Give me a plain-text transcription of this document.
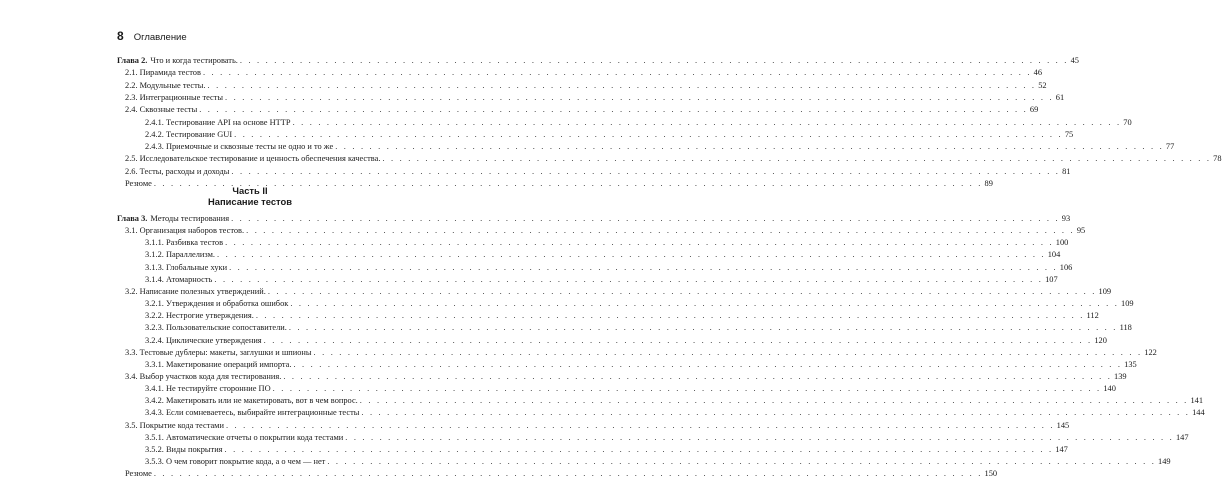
8 Оглавление
Глава 2. Что и когда тестировать. . . .	45
2.1. Пирамида тестов . . .	46
2.2. Модульные тесты. . . .	52
2.3. Интеграционные тесты . . .	61
2.4. Сквозные тесты . . .	69
2.4.1. Тестирование API на основе HTTP . . .	70
2.4.2. Тестирование GUI . . .	75
2.4.3. Приемочные и сквозные тесты не одно и то же . . .	77
2.5. Исследовательское тестирование и ценность обеспечения качества. . . .	78
2.6. Тесты, расходы и доходы . . .	81
Резюме . . .	89
Часть II
Написание тестов
Глава 3. Методы тестирования . . .	93
3.1. Организация наборов тестов. . . .	95
3.1.1. Разбивка тестов . . .	100
3.1.2. Параллелизм. . . .	104
3.1.3. Глобальные хуки . . .	106
3.1.4. Атомарность . . .	107
3.2. Написание полезных утверждений. . . .	109
3.2.1. Утверждения и обработка ошибок . . .	109
3.2.2. Нестрогие утверждения. . . .	112
3.2.3. Пользовательские сопоставители. . . .	118
3.2.4. Циклические утверждения . . .	120
3.3. Тестовые дублеры: макеты, заглушки и шпионы . . .	122
3.3.1. Макетирование операций импорта. . . .	135
3.4. Выбор участков кода для тестирования. . . .	139
3.4.1. Не тестируйте сторонние ПО . . .	140
3.4.2. Макетировать или не макетировать, вот в чем вопрос. . . .	141
3.4.3. Если сомневаетесь, выбирайте интеграционные тесты . . .	144
3.5. Покрытие кода тестами . . .	145
3.5.1. Автоматические отчеты о покрытии кода тестами . . .	147
3.5.2. Виды покрытия . . .	147
3.5.3. О чем говорит покрытие кода, а о чем — нет . . .	149
Резюме . . .	150
